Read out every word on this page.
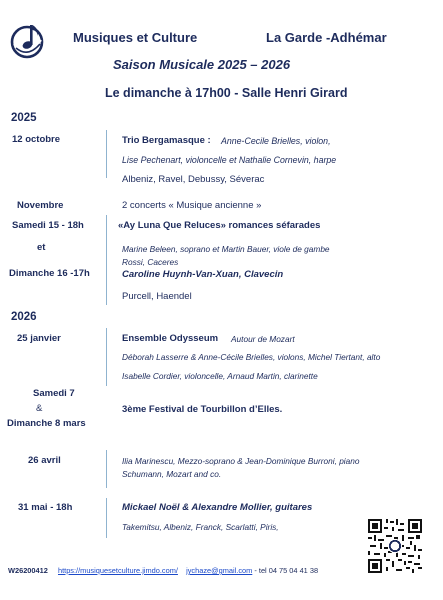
Musiques et Culture	La Garde -Adhémar
Saison Musicale 2025 – 2026
Le dimanche à 17h00 - Salle Henri Girard
2025
12 octobre	Trio Bergamasque : Anne-Cecile Brielles, violon,
Lise Pechenart, violoncelle et Nathalie Cornevin, harpe
Albeniz, Ravel, Debussy, Séverac
Novembre	2 concerts « Musique ancienne »
Samedi 15 - 18h	«Ay Luna Que Reluces» romances séfarades
et	Marine Beleen, soprano et Martin Bauer, viole de gambe
Rossi, Caceres
Dimanche 16 -17h	Caroline Huynh-Van-Xuan, Clavecin
Purcell, Haendel
2026
25 janvier	Ensemble Odysseum Autour de Mozart
Déborah Lasserre & Anne-Cécile Brielles, violons, Michel Tiertant, alto
Isabelle Cordier, violoncelle, Arnaud Martin, clarinette
Samedi 7
&	3ème Festival de Tourbillon d’Elles.
Dimanche 8 mars
26 avril	Ilia Marinescu, Mezzo-soprano & Jean-Dominique Burroni, piano
Schumann, Mozart and co.
31 mai - 18h	Mickael Noël & Alexandre Mollier, guitares
Takemitsu, Albeniz, Franck, Scarlatti, Piris,
W26200412 https://musiquesetculture.jimdo.com/ jychaze@gmail.com - tel 04 75 04 41 38
